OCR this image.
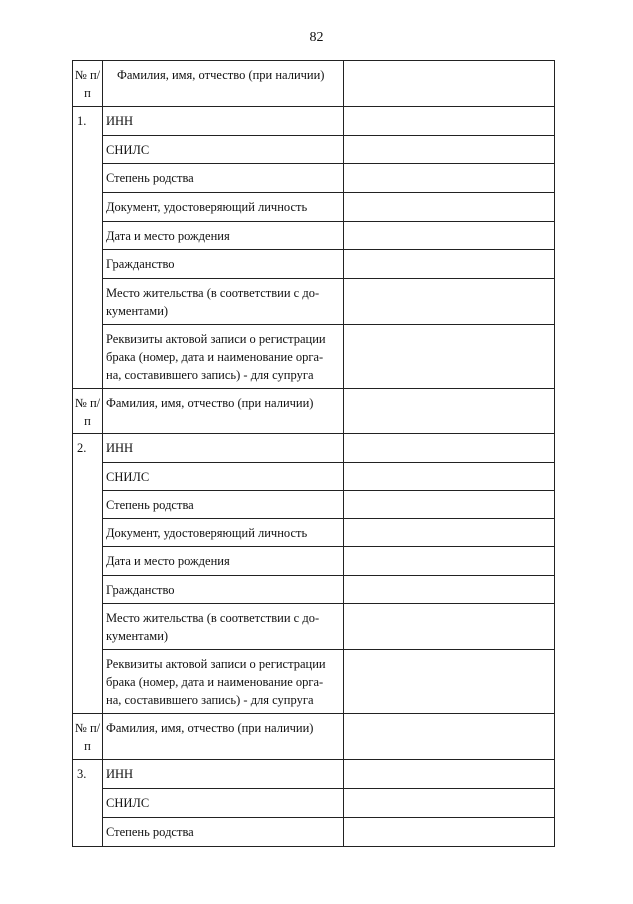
82
№ п/п	Фамилия, имя, отчество (при наличии)	
1.	ИНН	
	СНИЛС	
	Степень родства	
	Документ, удостоверяющий личность	
	Дата и место рождения	
	Гражданство	
	Место жительства (в соответствии с до- кументами)	
	Реквизиты актовой записи о регистрации брака (номер, дата и наименование орга- на, составившего запись) - для супруга	
№ п/п	Фамилия, имя, отчество (при наличии)	
2.	ИНН	
	СНИЛС	
	Степень родства	
	Документ, удостоверяющий личность	
	Дата и место рождения	
	Гражданство	
	Место жительства (в соответствии с до- кументами)	
	Реквизиты актовой записи о регистрации брака (номер, дата и наименование орга- на, составившего запись) - для супруга	
№ п/п	Фамилия, имя, отчество (при наличии)	
3.	ИНН	
	СНИЛС	
	Степень родства	
